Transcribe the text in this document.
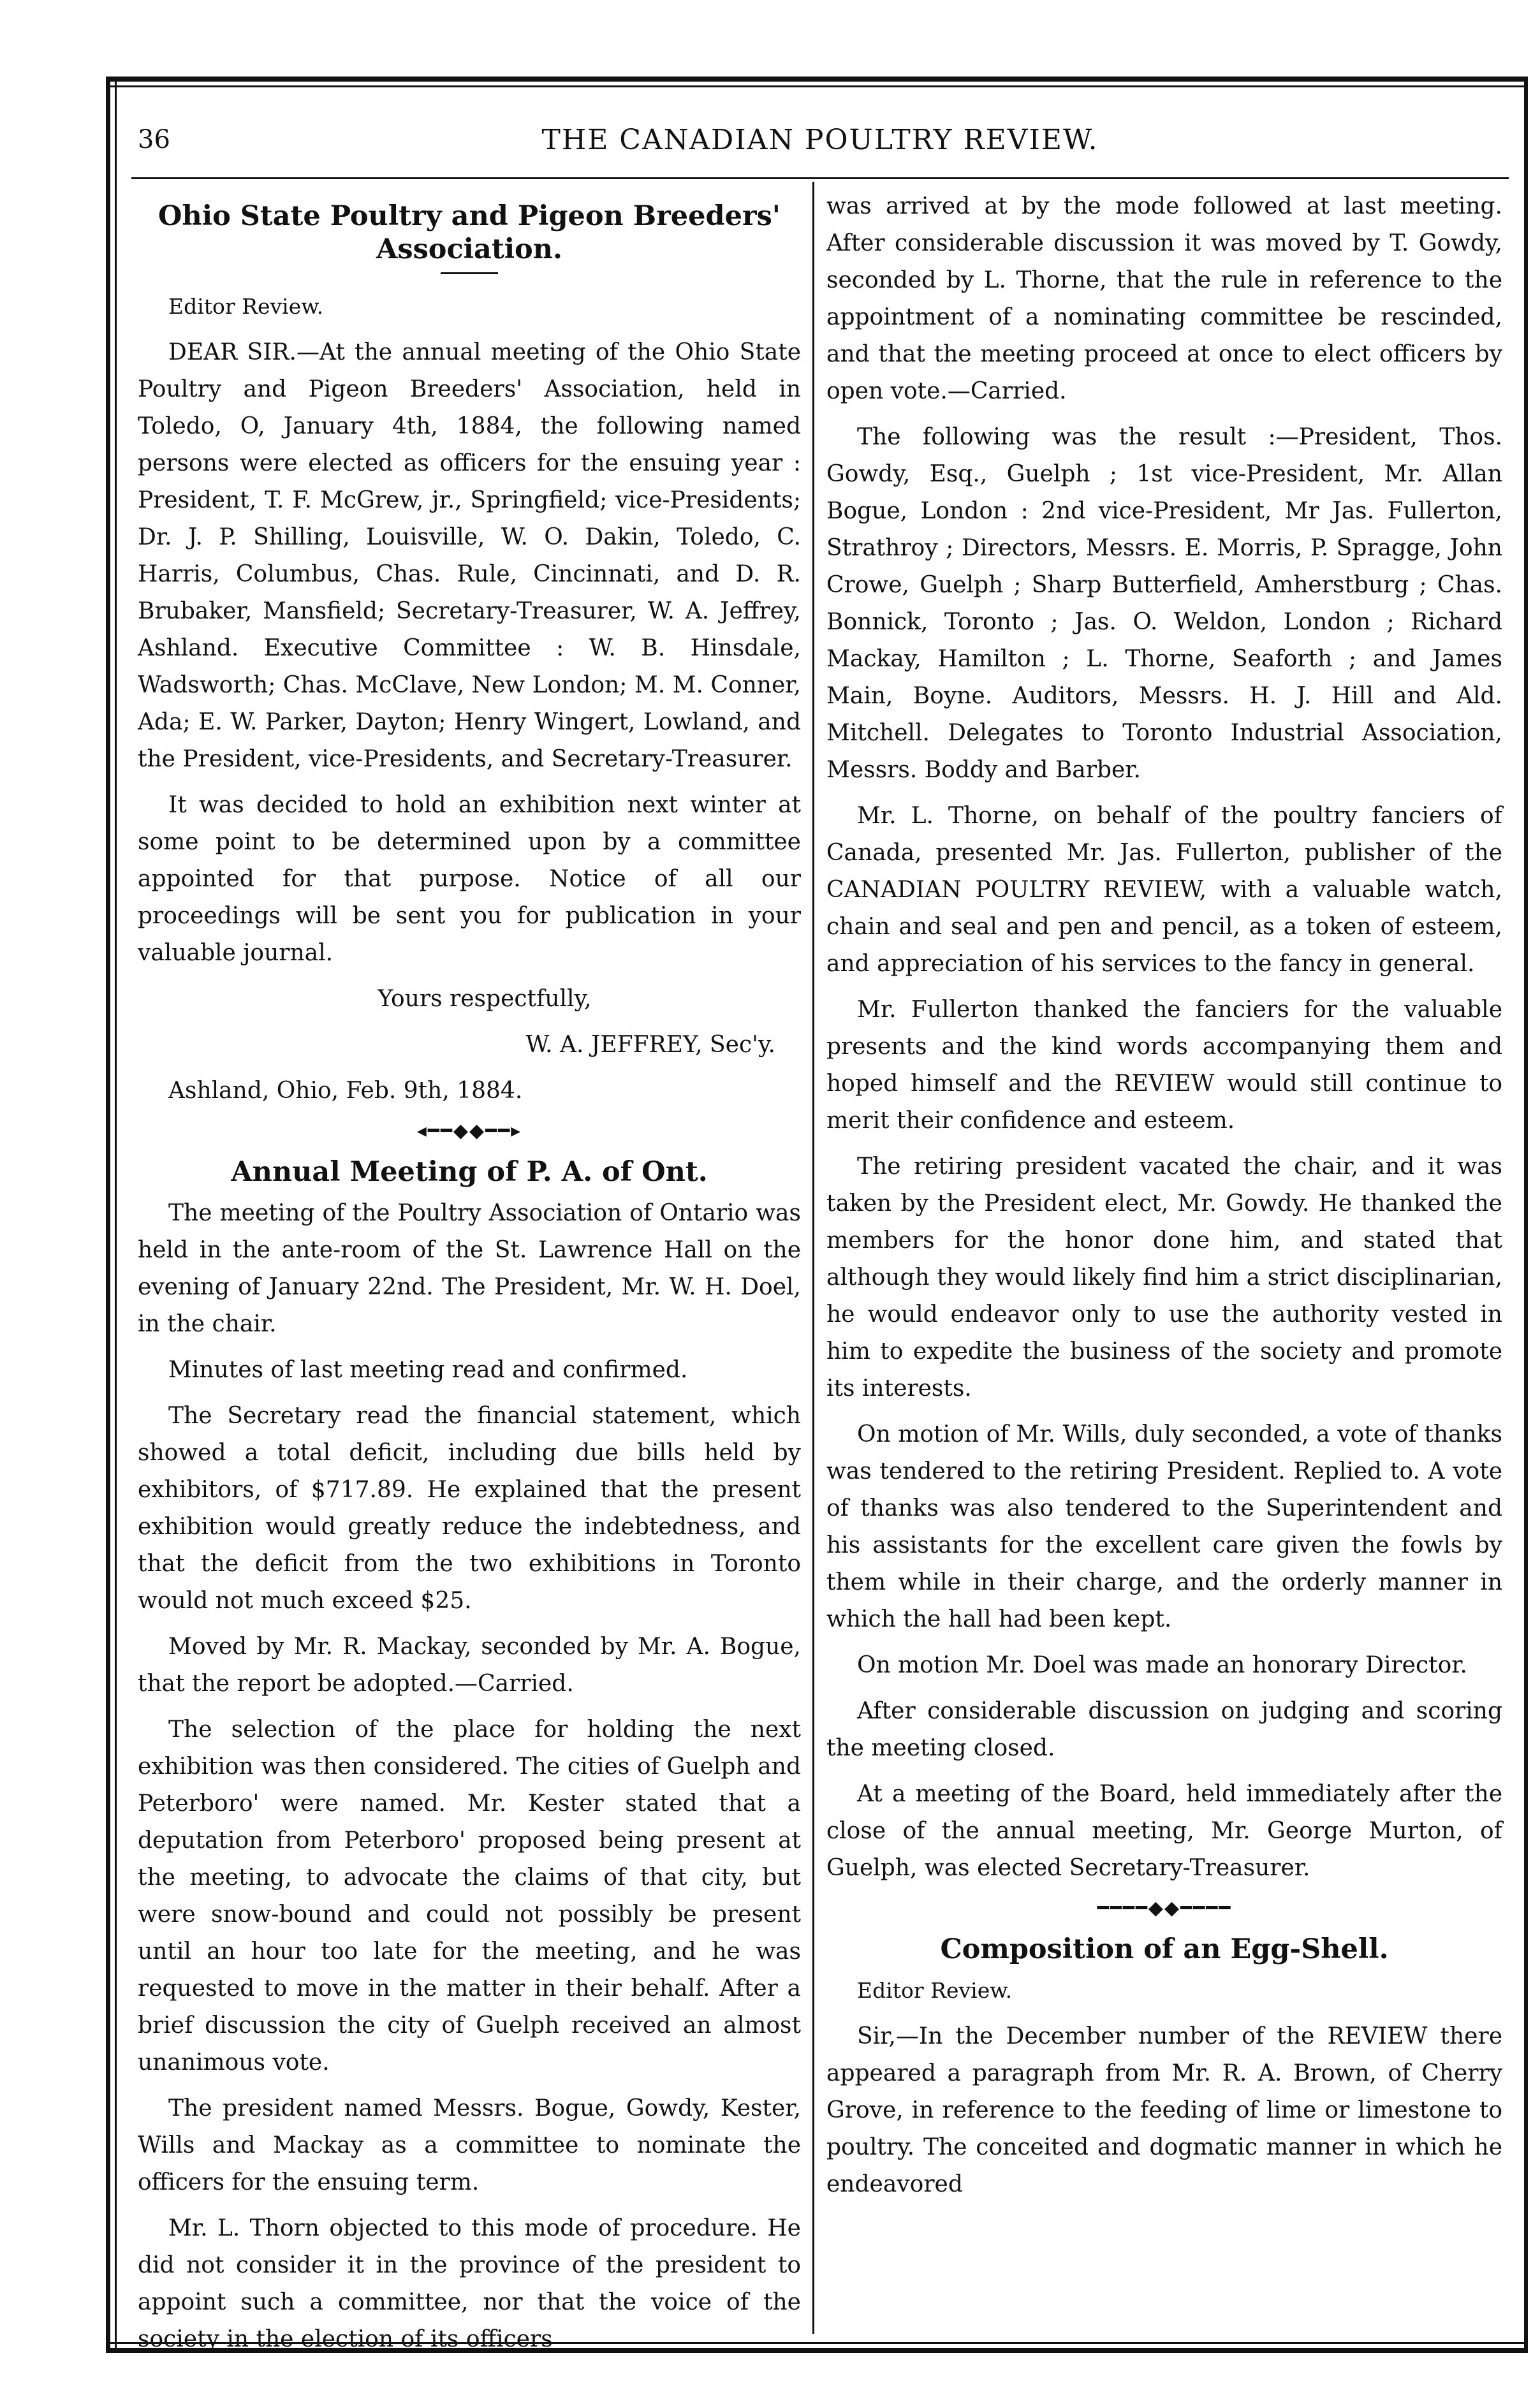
36	THE CANADIAN POULTRY REVIEW.
Ohio State Poultry and Pigeon Breeders' Association.

Editor Review.

DEAR SIR.—At the annual meeting of the Ohio State Poultry and Pigeon Breeders' Association, held in Toledo, O, January 4th, 1884, the following named persons were elected as officers for the ensuing year : President, T. F. McGrew, jr., Springfield; vice-Presidents; Dr. J. P. Shilling, Louisville, W. O. Dakin, Toledo, C. Harris, Columbus, Chas. Rule, Cincinnati, and D. R. Brubaker, Mansfield; Secretary-Treasurer, W. A. Jeffrey, Ashland. Executive Committee : W. B. Hinsdale, Wadsworth; Chas. McClave, New London; M. M. Conner, Ada; E. W. Parker, Dayton; Henry Wingert, Lowland, and the President, vice-Presidents, and Secretary-Treasurer.

It was decided to hold an exhibition next winter at some point to be determined upon by a committee appointed for that purpose. Notice of all our proceedings will be sent you for publication in your valuable journal.

Yours respectfully,

W. A. JEFFREY, Sec'y.

Ashland, Ohio, Feb. 9th, 1884.

◂━━◆◆━━▸
Annual Meeting of P. A. of Ont.

The meeting of the Poultry Association of Ontario was held in the ante-room of the St. Lawrence Hall on the evening of January 22nd. The President, Mr. W. H. Doel, in the chair.

Minutes of last meeting read and confirmed.

The Secretary read the financial statement, which showed a total deficit, including due bills held by exhibitors, of $717.89. He explained that the present exhibition would greatly reduce the indebtedness, and that the deficit from the two exhibitions in Toronto would not much exceed $25.

Moved by Mr. R. Mackay, seconded by Mr. A. Bogue, that the report be adopted.—Carried.

The selection of the place for holding the next exhibition was then considered. The cities of Guelph and Peterboro' were named. Mr. Kester stated that a deputation from Peterboro' proposed being present at the meeting, to advocate the claims of that city, but were snow-bound and could not possibly be present until an hour too late for the meeting, and he was requested to move in the matter in their behalf. After a brief discussion the city of Guelph received an almost unanimous vote.

The president named Messrs. Bogue, Gowdy, Kester, Wills and Mackay as a committee to nominate the officers for the ensuing term.

Mr. L. Thorn objected to this mode of procedure. He did not consider it in the province of the president to appoint such a committee, nor that the voice of the society in the election of its officers

was arrived at by the mode followed at last meeting. After considerable discussion it was moved by T. Gowdy, seconded by L. Thorne, that the rule in reference to the appointment of a nominating committee be rescinded, and that the meeting proceed at once to elect officers by open vote.—Carried.

The following was the result :—President, Thos. Gowdy, Esq., Guelph ; 1st vice-President, Mr. Allan Bogue, London : 2nd vice-President, Mr Jas. Fullerton, Strathroy ; Directors, Messrs. E. Morris, P. Spragge, John Crowe, Guelph ; Sharp Butterfield, Amherstburg ; Chas. Bonnick, Toronto ; Jas. O. Weldon, London ; Richard Mackay, Hamilton ; L. Thorne, Seaforth ; and James Main, Boyne. Auditors, Messrs. H. J. Hill and Ald. Mitchell. Delegates to Toronto Industrial Association, Messrs. Boddy and Barber.

Mr. L. Thorne, on behalf of the poultry fanciers of Canada, presented Mr. Jas. Fullerton, publisher of the CANADIAN POULTRY REVIEW, with a valuable watch, chain and seal and pen and pencil, as a token of esteem, and appreciation of his services to the fancy in general.

Mr. Fullerton thanked the fanciers for the valuable presents and the kind words accompanying them and hoped himself and the REVIEW would still continue to merit their confidence and esteem.

The retiring president vacated the chair, and it was taken by the President elect, Mr. Gowdy. He thanked the members for the honor done him, and stated that although they would likely find him a strict disciplinarian, he would endeavor only to use the authority vested in him to expedite the business of the society and promote its interests.

On motion of Mr. Wills, duly seconded, a vote of thanks was tendered to the retiring President. Replied to. A vote of thanks was also tendered to the Superintendent and his assistants for the excellent care given the fowls by them while in their charge, and the orderly manner in which the hall had been kept.

On motion Mr. Doel was made an honorary Director.

After considerable discussion on judging and scoring the meeting closed.

At a meeting of the Board, held immediately after the close of the annual meeting, Mr. George Murton, of Guelph, was elected Secretary-Treasurer.

━━━━◆◆━━━━
Composition of an Egg-Shell.

Editor Review.

Sir,—In the December number of the REVIEW there appeared a paragraph from Mr. R. A. Brown, of Cherry Grove, in reference to the feeding of lime or limestone to poultry. The conceited and dogmatic manner in which he endeavored
